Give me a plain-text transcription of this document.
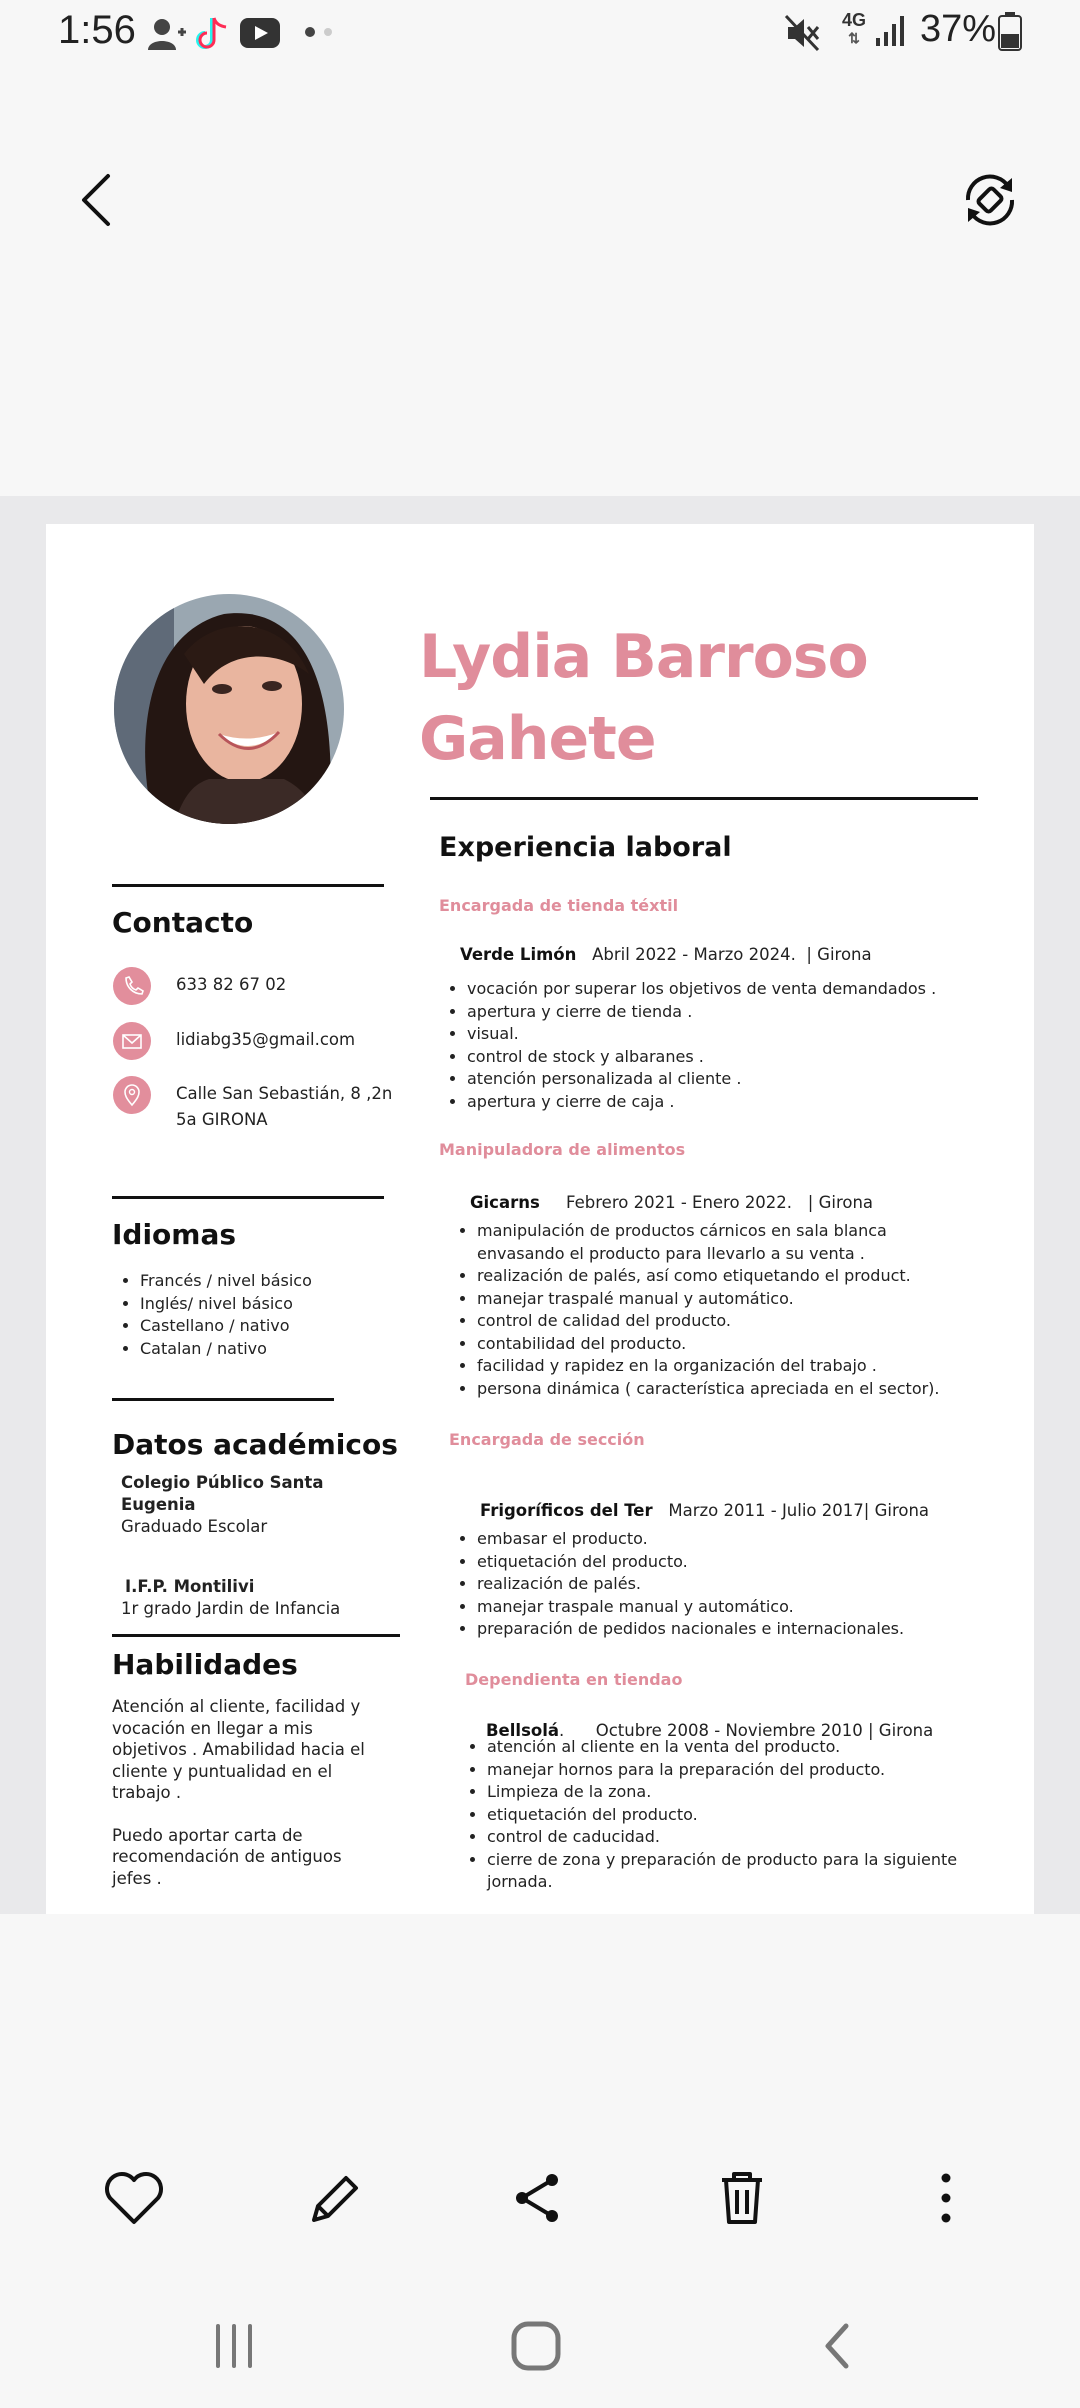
1:56	4G
⇅	37%
Lydia Barroso
Gahete
Contacto
633 82 67 02
lidiabg35@gmail.com
Calle San Sebastián, 8 ,2n
5a GIRONA
Idiomas
• Francés / nivel básico
• Inglés/ nivel básico
• Castellano / nativo
• Catalan / nativo
Datos académicos
Colegio Público Santa
Eugenia
Graduado Escolar
I.F.P. Montilivi
1r grado Jardin de Infancia
Habilidades
Atención al cliente, facilidad y
vocación en llegar a mis
objetivos . Amabilidad hacia el
cliente y puntualidad en el
trabajo .
Puedo aportar carta de
recomendación de antiguos
jefes .
Experiencia laboral
Encargada de tienda téxtil

Verde Limón   Abril 2022 - Marzo 2024.  | Girona

• vocación por superar los objetivos de venta demandados .
• apertura y cierre de tienda .
• visual.
• control de stock y albaranes .
• atención personalizada al cliente .
• apertura y cierre de caja .
Manipuladora de alimentos

Gicarns     Febrero 2021 - Enero 2022.   | Girona

• manipulación de productos cárnicos en sala blanca
envasando el producto para llevarlo a su venta .
• realización de palés, así como etiquetando el product.
• manejar traspalé manual y automático.
• control de calidad del producto.
• contabilidad del producto.
• facilidad y rapidez en la organización del trabajo .
• persona dinámica ( característica apreciada en el sector).
Encargada de sección

Frigoríficos del Ter   Marzo 2011 - Julio 2017| Girona

• embasar el producto.
• etiquetación del producto.
• realización de palés.
• manejar traspale manual y automático.
• preparación de pedidos nacionales e internacionales.
Dependienta en tiendao

Bellsolá.      Octubre 2008 - Noviembre 2010 | Girona

• atención al cliente en la venta del producto.
• manejar hornos para la preparación del producto.
• Limpieza de la zona.
• etiquetación del producto.
• control de caducidad.
• cierre de zona y preparación de producto para la siguiente
jornada.
